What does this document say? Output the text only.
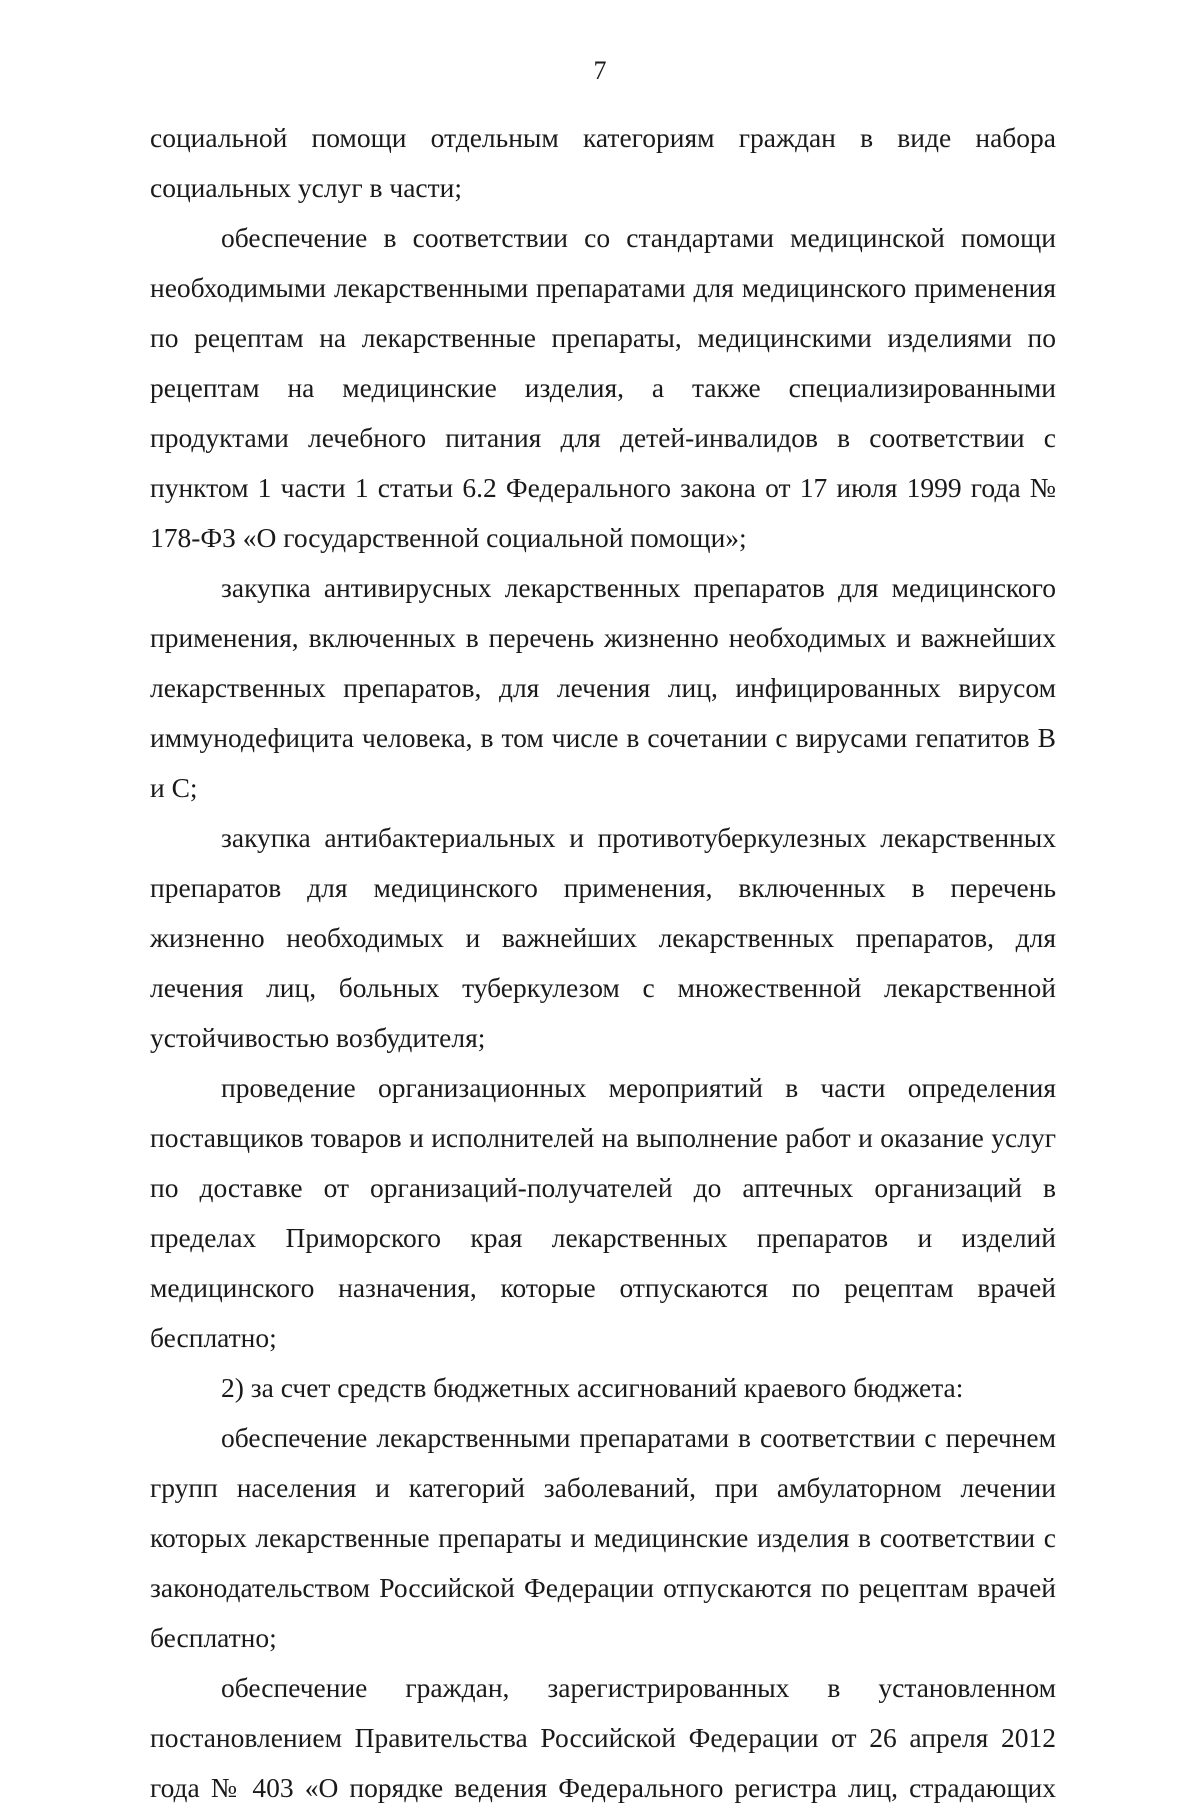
7

социальной помощи отдельным категориям граждан в виде набора социальных услуг в части;

обеспечение в соответствии со стандартами медицинской помощи необходимыми лекарственными препаратами для медицинского применения по рецептам на лекарственные препараты, медицинскими изделиями по рецептам на медицинские изделия, а также специализированными продуктами лечебного питания для детей-инвалидов в соответствии с пунктом 1 части 1 статьи 6.2 Федерального закона от 17 июля 1999 года № 178-ФЗ «О государственной социальной помощи»;

закупка антивирусных лекарственных препаратов для медицинского применения, включенных в перечень жизненно необходимых и важнейших лекарственных препаратов, для лечения лиц, инфицированных вирусом иммунодефицита человека, в том числе в сочетании с вирусами гепатитов B и C;

закупка антибактериальных и противотуберкулезных лекарственных препаратов для медицинского применения, включенных в перечень жизненно необходимых и важнейших лекарственных препаратов, для лечения лиц, больных туберкулезом с множественной лекарственной устойчивостью возбудителя;

проведение организационных мероприятий в части определения поставщиков товаров и исполнителей на выполнение работ и оказание услуг по доставке от организаций-получателей до аптечных организаций в пределах Приморского края лекарственных препаратов и изделий медицинского назначения, которые отпускаются по рецептам врачей бесплатно;

2) за счет средств бюджетных ассигнований краевого бюджета:

обеспечение лекарственными препаратами в соответствии с перечнем групп населения и категорий заболеваний, при амбулаторном лечении которых лекарственные препараты и медицинские изделия в соответствии с законодательством Российской Федерации отпускаются по рецептам врачей бесплатно;

обеспечение граждан, зарегистрированных в установленном постановлением Правительства Российской Федерации от 26 апреля 2012 года № 403 «О порядке ведения Федерального регистра лиц, страдающих
